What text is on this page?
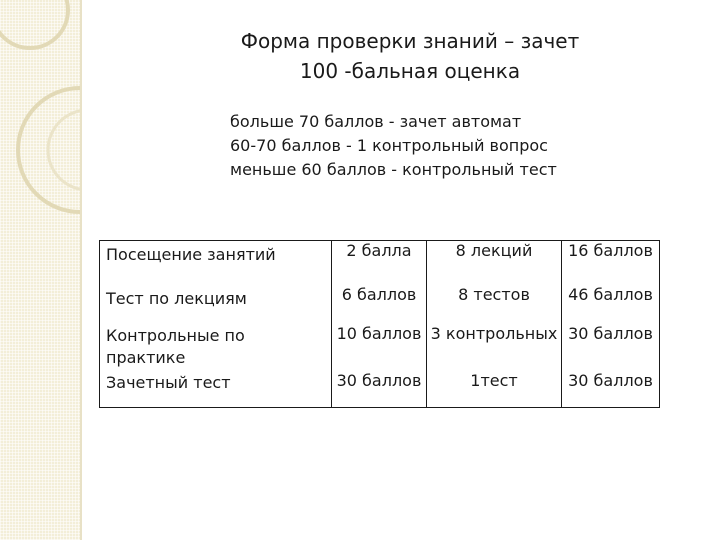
Форма проверки знаний – зачет
100 -бальная оценка
больше 70 баллов - зачет автомат
60-70 баллов - 1 контрольный вопрос
меньше 60 баллов - контрольный тест
Посещение занятий	2 балла	8 лекций	16 баллов
Тест по лекциям	6 баллов	8 тестов	46 баллов
Контрольные по практике	10 баллов	3 контрольных	30 баллов
Зачетный тест	30 баллов	1тест	30 баллов
